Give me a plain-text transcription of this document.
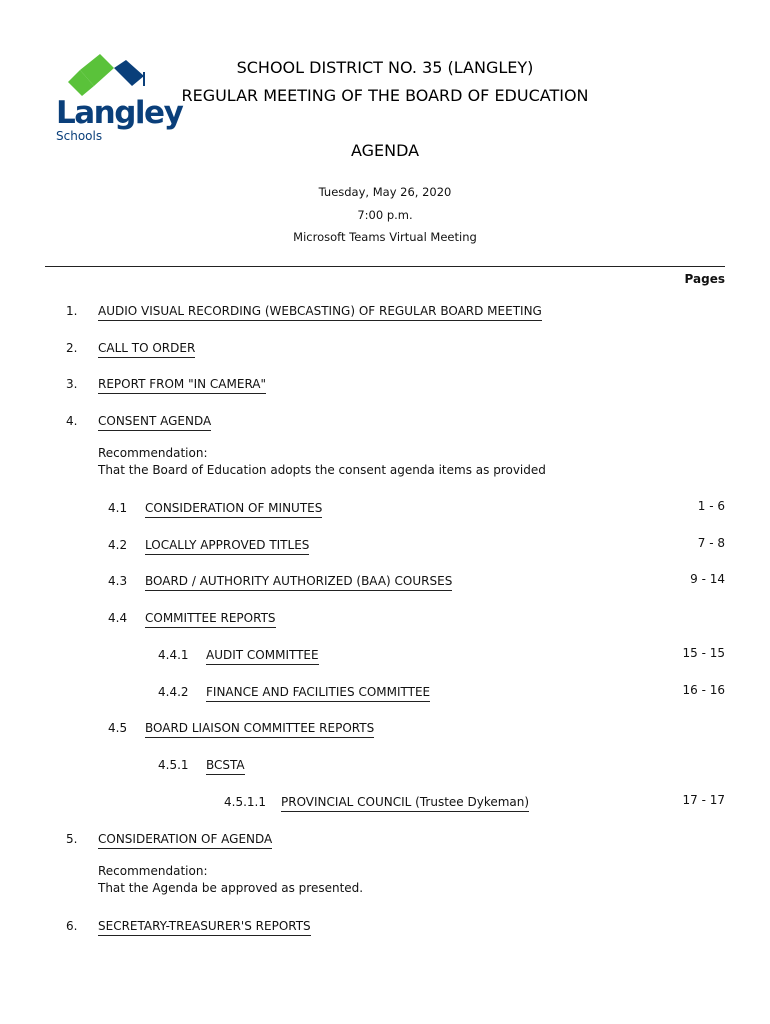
Langley
Schools
SCHOOL DISTRICT NO. 35 (LANGLEY)
REGULAR MEETING OF THE BOARD OF EDUCATION
AGENDA
Tuesday, May 26, 2020
7:00 p.m.
Microsoft Teams Virtual Meeting
Pages
1. AUDIO VISUAL RECORDING (WEBCASTING) OF REGULAR BOARD MEETING
2. CALL TO ORDER
3. REPORT FROM "IN CAMERA"
4. CONSENT AGENDA
Recommendation:
That the Board of Education adopts the consent agenda items as provided
4.1 CONSIDERATION OF MINUTES	1 - 6
4.2 LOCALLY APPROVED TITLES	7 - 8
4.3 BOARD / AUTHORITY AUTHORIZED (BAA) COURSES	9 - 14
4.4 COMMITTEE REPORTS
4.4.1 AUDIT COMMITTEE	15 - 15
4.4.2 FINANCE AND FACILITIES COMMITTEE	16 - 16
4.5 BOARD LIAISON COMMITTEE REPORTS
4.5.1 BCSTA
4.5.1.1 PROVINCIAL COUNCIL (Trustee Dykeman)	17 - 17
5. CONSIDERATION OF AGENDA
Recommendation:
That the Agenda be approved as presented.
6. SECRETARY-TREASURER'S REPORTS
